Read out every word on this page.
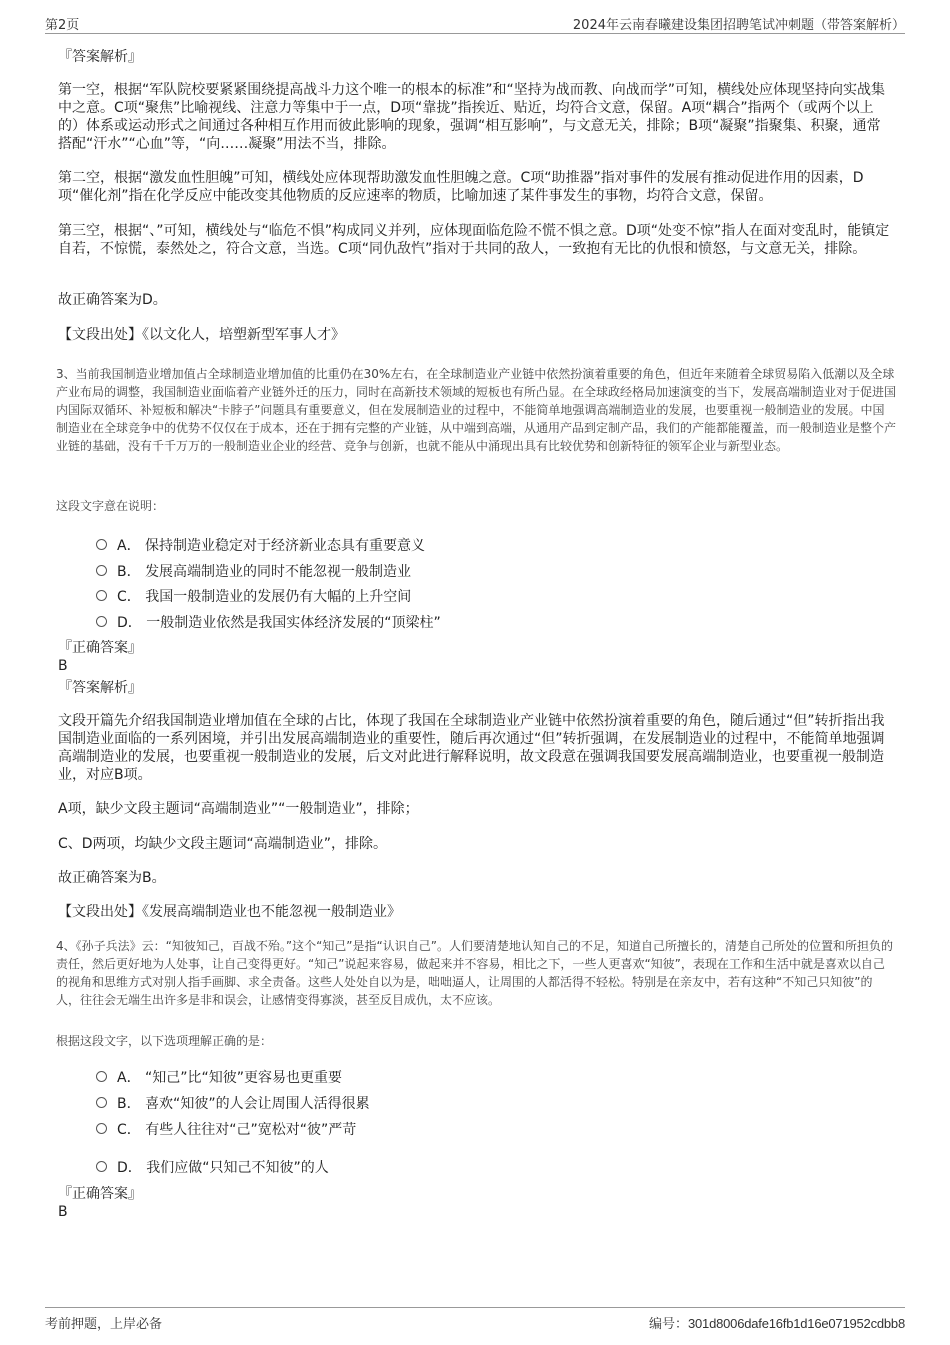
第2页	2024年云南春曦建设集团招聘笔试冲刺题（带答案解析）
『答案解析』

第一空，根据“军队院校要紧紧围绕提高战斗力这个唯一的根本的标准”和“坚持为战而教、向战而学”可知，横线处应体现坚持向实战集中之意。C项“聚焦”比喻视线、注意力等集中于一点，D项“靠拢”指挨近、贴近，均符合文意，保留。A项“耦合”指两个（或两个以上的）体系或运动形式之间通过各种相互作用而彼此影响的现象，强调“相互影响”，与文意无关，排除；B项“凝聚”指聚集、积聚，通常搭配“汗水”“心血”等，“向……凝聚”用法不当，排除。

第二空，根据“激发血性胆魄”可知，横线处应体现帮助激发血性胆魄之意。C项“助推器”指对事件的发展有推动促进作用的因素，D项“催化剂”指在化学反应中能改变其他物质的反应速率的物质，比喻加速了某件事发生的事物，均符合文意，保留。

第三空，根据“、”可知，横线处与“临危不惧”构成同义并列，应体现面临危险不慌不惧之意。D项“处变不惊”指人在面对变乱时，能镇定自若，不惊慌，泰然处之，符合文意，当选。C项“同仇敌忾”指对于共同的敌人，一致抱有无比的仇恨和愤怒，与文意无关，排除。

故正确答案为D。

【文段出处】《以文化人，培塑新型军事人才》

3、当前我国制造业增加值占全球制造业增加值的比重仍在30%左右，在全球制造业产业链中依然扮演着重要的角色，但近年来随着全球贸易陷入低潮以及全球产业布局的调整，我国制造业面临着产业链外迁的压力，同时在高新技术领域的短板也有所凸显。在全球政经格局加速演变的当下，发展高端制造业对于促进国内国际双循环、补短板和解决“卡脖子”问题具有重要意义，但在发展制造业的过程中，不能简单地强调高端制造业的发展，也要重视一般制造业的发展。中国制造业在全球竞争中的优势不仅仅在于成本，还在于拥有完整的产业链，从中端到高端，从通用产品到定制产品，我们的产能都能覆盖，而一般制造业是整个产业链的基础，没有千千万万的一般制造业企业的经营、竞争与创新，也就不能从中涌现出具有比较优势和创新特征的领军企业与新型业态。

这段文字意在说明：
A． 保持制造业稳定对于经济新业态具有重要意义
B． 发展高端制造业的同时不能忽视一般制造业
C． 我国一般制造业的发展仍有大幅的上升空间
D． 一般制造业依然是我国实体经济发展的“顶梁柱”
『正确答案』
B
『答案解析』

文段开篇先介绍我国制造业增加值在全球的占比，体现了我国在全球制造业产业链中依然扮演着重要的角色，随后通过“但”转折指出我国制造业面临的一系列困境，并引出发展高端制造业的重要性，随后再次通过“但”转折强调，在发展制造业的过程中，不能简单地强调高端制造业的发展，也要重视一般制造业的发展，后文对此进行解释说明，故文段意在强调我国要发展高端制造业，也要重视一般制造业，对应B项。

A项，缺少文段主题词“高端制造业”“一般制造业”，排除；

C、D两项，均缺少文段主题词“高端制造业”，排除。

故正确答案为B。

【文段出处】《发展高端制造业也不能忽视一般制造业》

4、《孙子兵法》云：“知彼知己，百战不殆。”这个“知己”是指“认识自己”。人们要清楚地认知自己的不足，知道自己所擅长的，清楚自己所处的位置和所担负的责任，然后更好地为人处事，让自己变得更好。“知己”说起来容易，做起来并不容易，相比之下，一些人更喜欢“知彼”，表现在工作和生活中就是喜欢以自己的视角和思维方式对别人指手画脚、求全责备。这些人处处自以为是，咄咄逼人，让周围的人都活得不轻松。特别是在亲友中，若有这种“不知己只知彼”的人，往往会无端生出许多是非和误会，让感情变得寡淡，甚至反目成仇，太不应该。

根据这段文字，以下选项理解正确的是：
A． “知己”比“知彼”更容易也更重要
B． 喜欢“知彼”的人会让周围人活得很累
C． 有些人往往对“己”宽松对“彼”严苛
D． 我们应做“只知己不知彼”的人
『正确答案』
B
考前押题，上岸必备	编号：301d8006dafe16fb1d16e071952cdbb8
